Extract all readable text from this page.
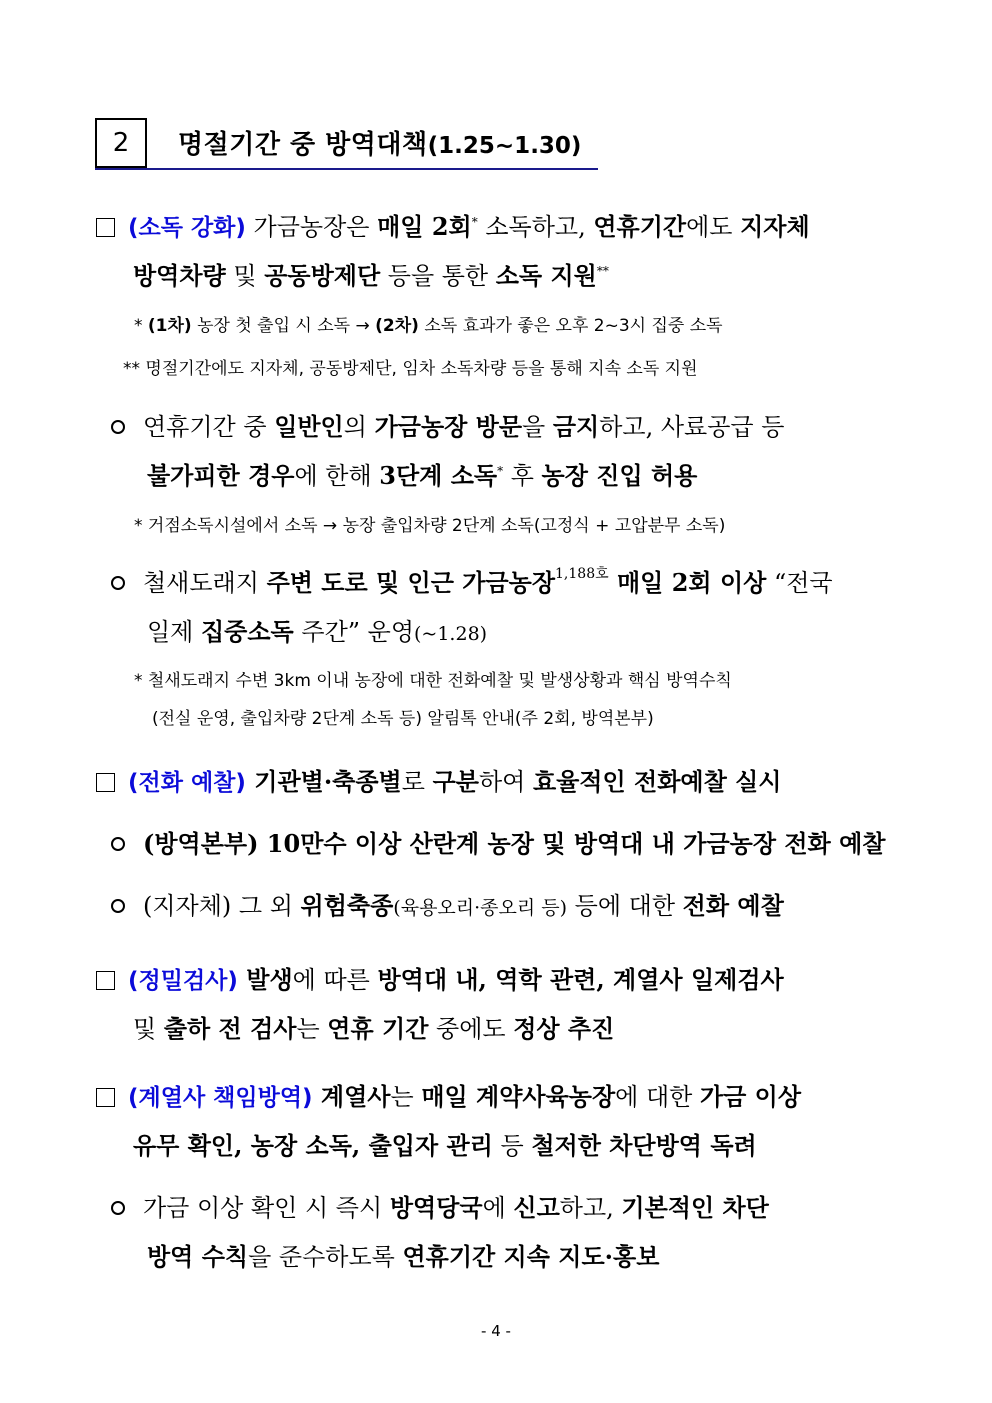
2 명절기간 중 방역대책(1.25~1.30)
(소독 강화) 가금농장은 매일 2회* 소독하고, 연휴기간에도 지자체
방역차량 및 공동방제단 등을 통한 소독 지원**
* (1차) 농장 첫 출입 시 소독 → (2차) 소독 효과가 좋은 오후 2~3시 집중 소독
** 명절기간에도 지자체, 공동방제단, 임차 소독차량 등을 통해 지속 소독 지원
연휴기간 중 일반인의 가금농장 방문을 금지하고, 사료공급 등
불가피한 경우에 한해 3단계 소독* 후 농장 진입 허용
* 거점소독시설에서 소독 → 농장 출입차량 2단계 소독(고정식 + 고압분무 소독)
철새도래지 주변 도로 및 인근 가금농장$^{1,188호}$ 매일 2회 이상 “전국
일제 집중소독 주간” 운영(~1.28)
* 철새도래지 수변 3km 이내 농장에 대한 전화예찰 및 발생상황과 핵심 방역수칙
(전실 운영, 출입차량 2단계 소독 등) 알림톡 안내(주 2회, 방역본부)
(전화 예찰) 기관별·축종별로 구분하여 효율적인 전화예찰 실시
(방역본부) 10만수 이상 산란계 농장 및 방역대 내 가금농장 전화 예찰
(지자체) 그 외 위험축종(육용오리·종오리 등) 등에 대한 전화 예찰
(정밀검사) 발생에 따른 방역대 내, 역학 관련, 계열사 일제검사
및 출하 전 검사는 연휴 기간 중에도 정상 추진
(계열사 책임방역) 계열사는 매일 계약사육농장에 대한 가금 이상
유무 확인, 농장 소독, 출입자 관리 등 철저한 차단방역 독려
가금 이상 확인 시 즉시 방역당국에 신고하고, 기본적인 차단
방역 수칙을 준수하도록 연휴기간 지속 지도·홍보
- 4 -
